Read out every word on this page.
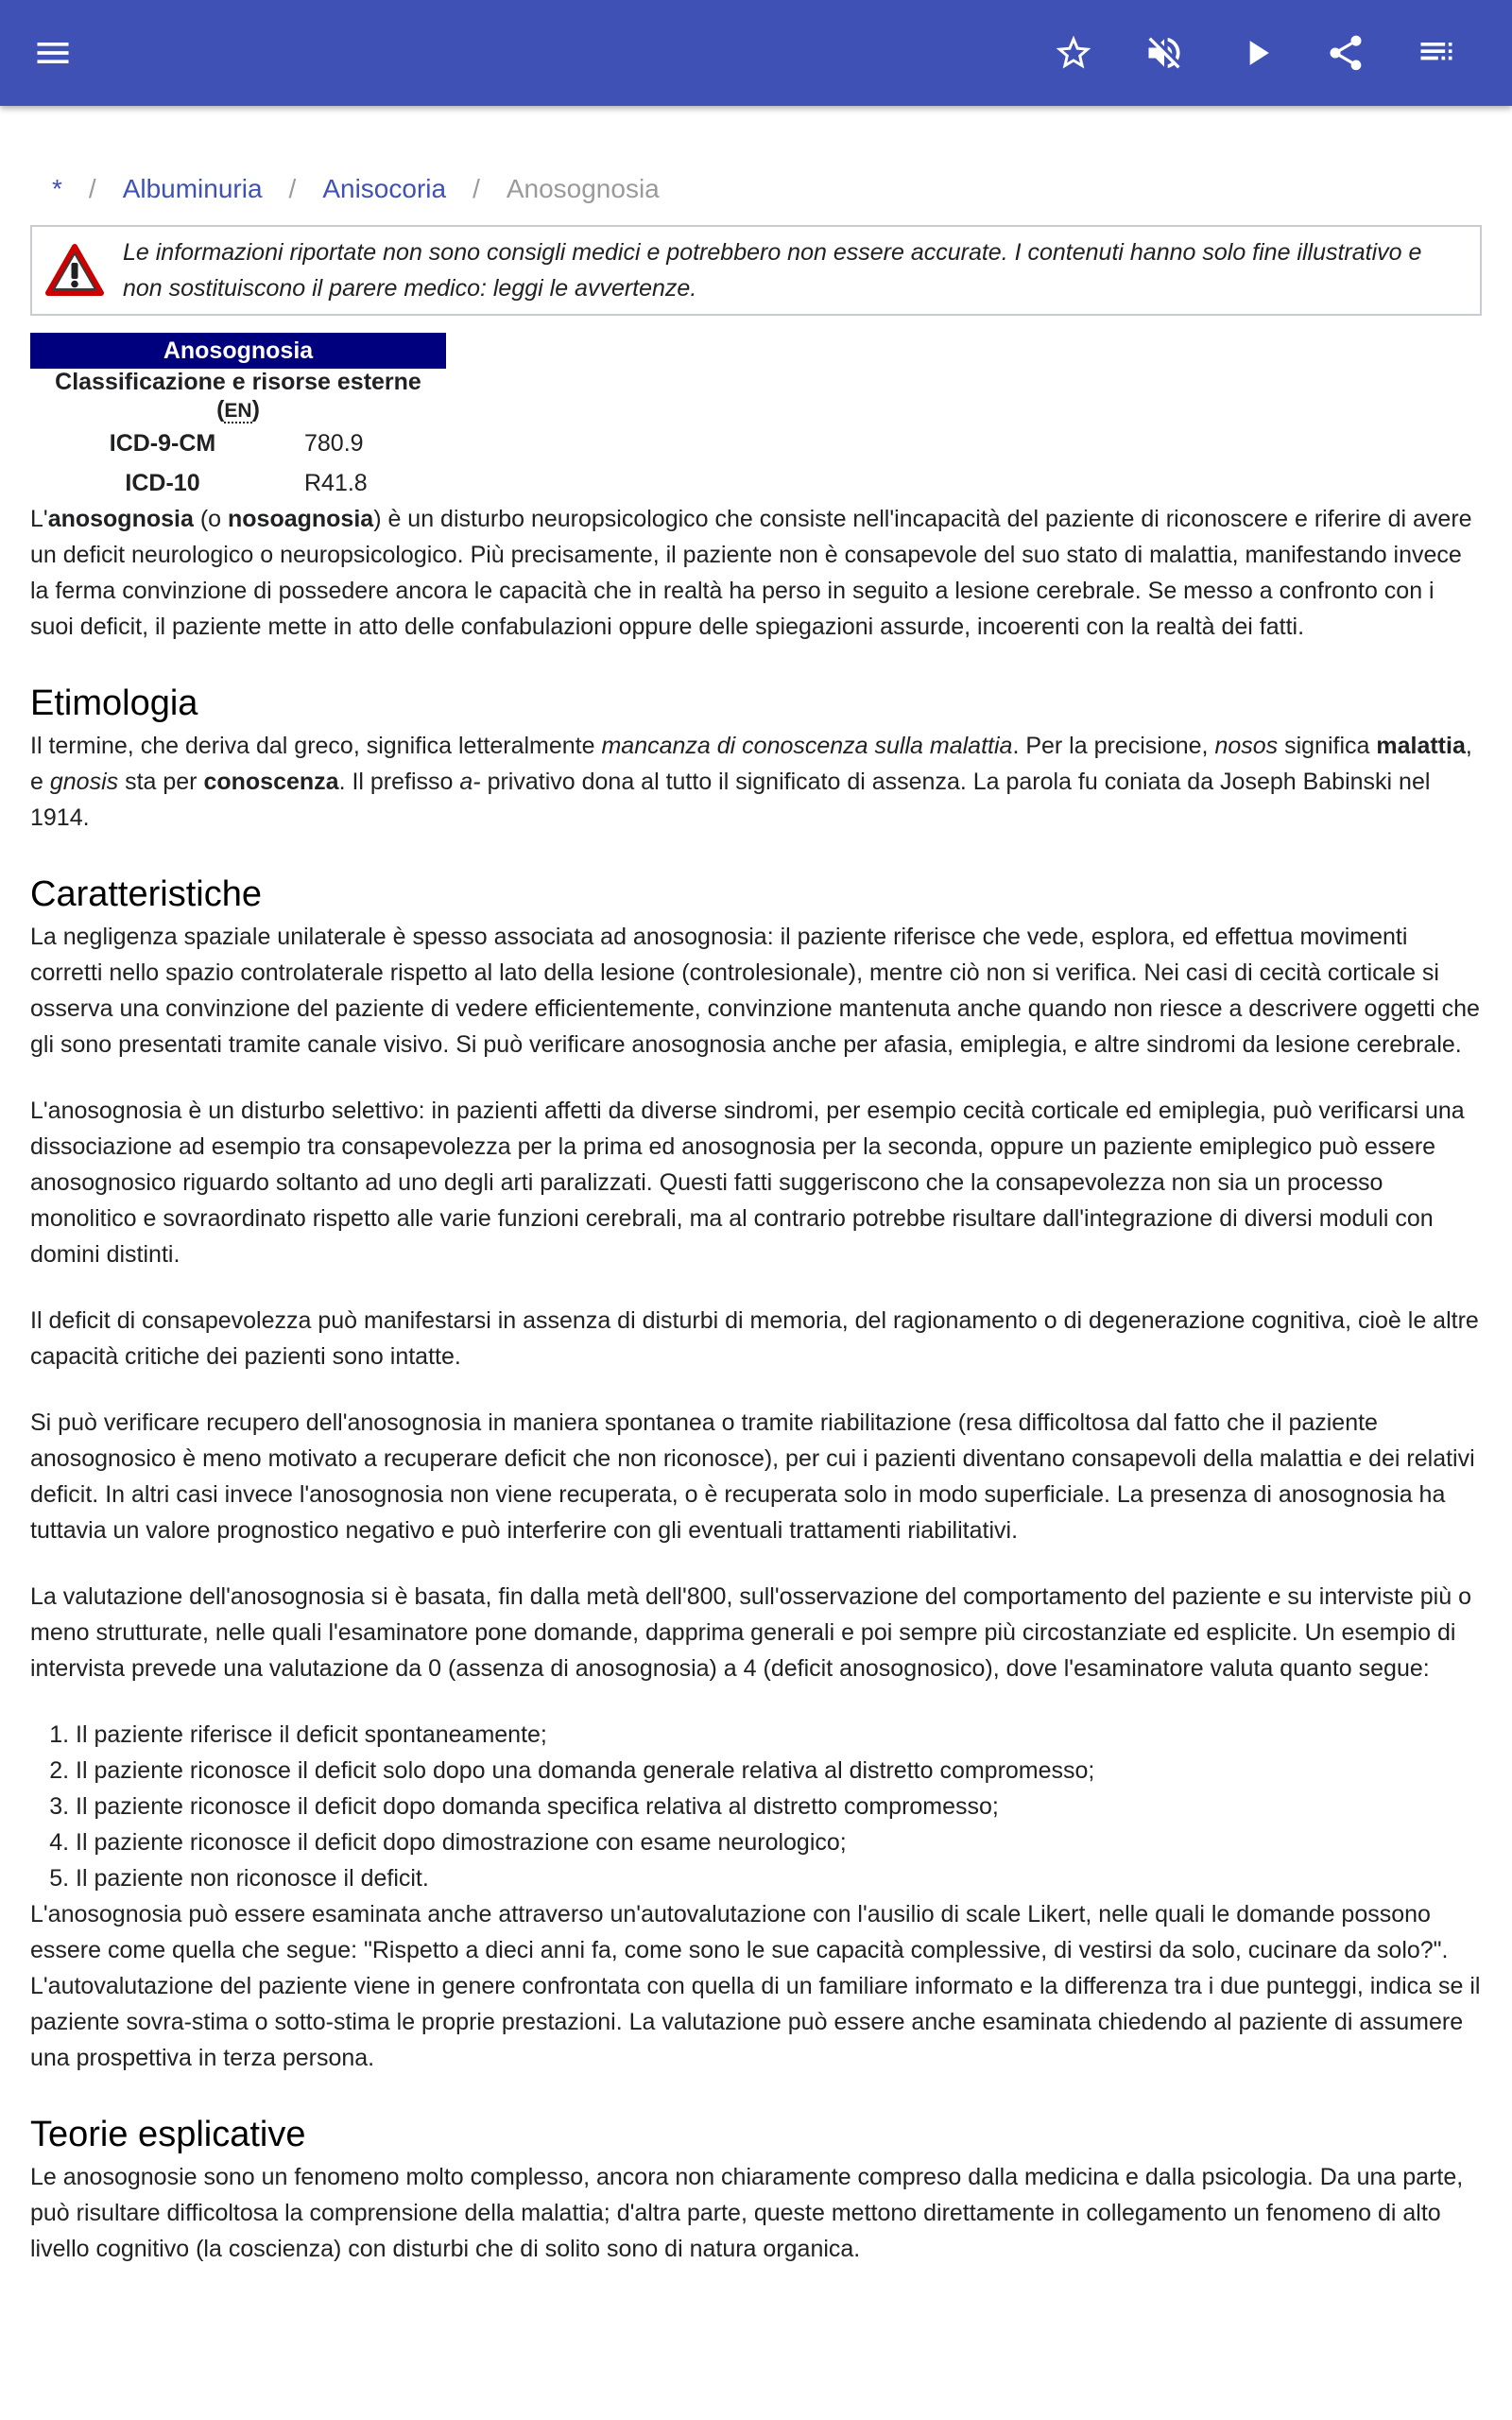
* / Albuminuria / Anisocoria / Anosognosia

Le informazioni riportate non sono consigli medici e potrebbero non essere accurate. I contenuti hanno solo fine illustrativo e non sostituiscono il parere medico: leggi le avvertenze.

Anosognosia	
Classificazione e risorse esterne (EN)	
ICD-9-CM	780.9
ICD-10	R41.8

L'anosognosia (o nosoagnosia) è un disturbo neuropsicologico che consiste nell'incapacità del paziente di riconoscere e riferire di avere un deficit neurologico o neuropsicologico. Più precisamente, il paziente non è consapevole del suo stato di malattia, manifestando invece la ferma convinzione di possedere ancora le capacità che in realtà ha perso in seguito a lesione cerebrale. Se messo a confronto con i suoi deficit, il paziente mette in atto delle confabulazioni oppure delle spiegazioni assurde, incoerenti con la realtà dei fatti.

Etimologia

Il termine, che deriva dal greco, significa letteralmente mancanza di conoscenza sulla malattia. Per la precisione, nosos significa malattia, e gnosis sta per conoscenza. Il prefisso a- privativo dona al tutto il significato di assenza. La parola fu coniata da Joseph Babinski nel 1914.

Caratteristiche

La negligenza spaziale unilaterale è spesso associata ad anosognosia: il paziente riferisce che vede, esplora, ed effettua movimenti corretti nello spazio controlaterale rispetto al lato della lesione (controlesionale), mentre ciò non si verifica. Nei casi di cecità corticale si osserva una convinzione del paziente di vedere efficientemente, convinzione mantenuta anche quando non riesce a descrivere oggetti che gli sono presentati tramite canale visivo. Si può verificare anosognosia anche per afasia, emiplegia, e altre sindromi da lesione cerebrale.

L'anosognosia è un disturbo selettivo: in pazienti affetti da diverse sindromi, per esempio cecità corticale ed emiplegia, può verificarsi una dissociazione ad esempio tra consapevolezza per la prima ed anosognosia per la seconda, oppure un paziente emiplegico può essere anosognosico riguardo soltanto ad uno degli arti paralizzati. Questi fatti suggeriscono che la consapevolezza non sia un processo monolitico e sovraordinato rispetto alle varie funzioni cerebrali, ma al contrario potrebbe risultare dall'integrazione di diversi moduli con domini distinti.

Il deficit di consapevolezza può manifestarsi in assenza di disturbi di memoria, del ragionamento o di degenerazione cognitiva, cioè le altre capacità critiche dei pazienti sono intatte.

Si può verificare recupero dell'anosognosia in maniera spontanea o tramite riabilitazione (resa difficoltosa dal fatto che il paziente anosognosico è meno motivato a recuperare deficit che non riconosce), per cui i pazienti diventano consapevoli della malattia e dei relativi deficit. In altri casi invece l'anosognosia non viene recuperata, o è recuperata solo in modo superficiale. La presenza di anosognosia ha tuttavia un valore prognostico negativo e può interferire con gli eventuali trattamenti riabilitativi.

La valutazione dell'anosognosia si è basata, fin dalla metà dell'800, sull'osservazione del comportamento del paziente e su interviste più o meno strutturate, nelle quali l'esaminatore pone domande, dapprima generali e poi sempre più circostanziate ed esplicite. Un esempio di intervista prevede una valutazione da 0 (assenza di anosognosia) a 4 (deficit anosognosico), dove l'esaminatore valuta quanto segue:

1. Il paziente riferisce il deficit spontaneamente;
2. Il paziente riconosce il deficit solo dopo una domanda generale relativa al distretto compromesso;
3. Il paziente riconosce il deficit dopo domanda specifica relativa al distretto compromesso;
4. Il paziente riconosce il deficit dopo dimostrazione con esame neurologico;
5. Il paziente non riconosce il deficit.

L'anosognosia può essere esaminata anche attraverso un'autovalutazione con l'ausilio di scale Likert, nelle quali le domande possono essere come quella che segue: "Rispetto a dieci anni fa, come sono le sue capacità complessive, di vestirsi da solo, cucinare da solo?". L'autovalutazione del paziente viene in genere confrontata con quella di un familiare informato e la differenza tra i due punteggi, indica se il paziente sovra-stima o sotto-stima le proprie prestazioni. La valutazione può essere anche esaminata chiedendo al paziente di assumere una prospettiva in terza persona.

Teorie esplicative

Le anosognosie sono un fenomeno molto complesso, ancora non chiaramente compreso dalla medicina e dalla psicologia. Da una parte, può risultare difficoltosa la comprensione della malattia; d'altra parte, queste mettono direttamente in collegamento un fenomeno di alto livello cognitivo (la coscienza) con disturbi che di solito sono di natura organica.
